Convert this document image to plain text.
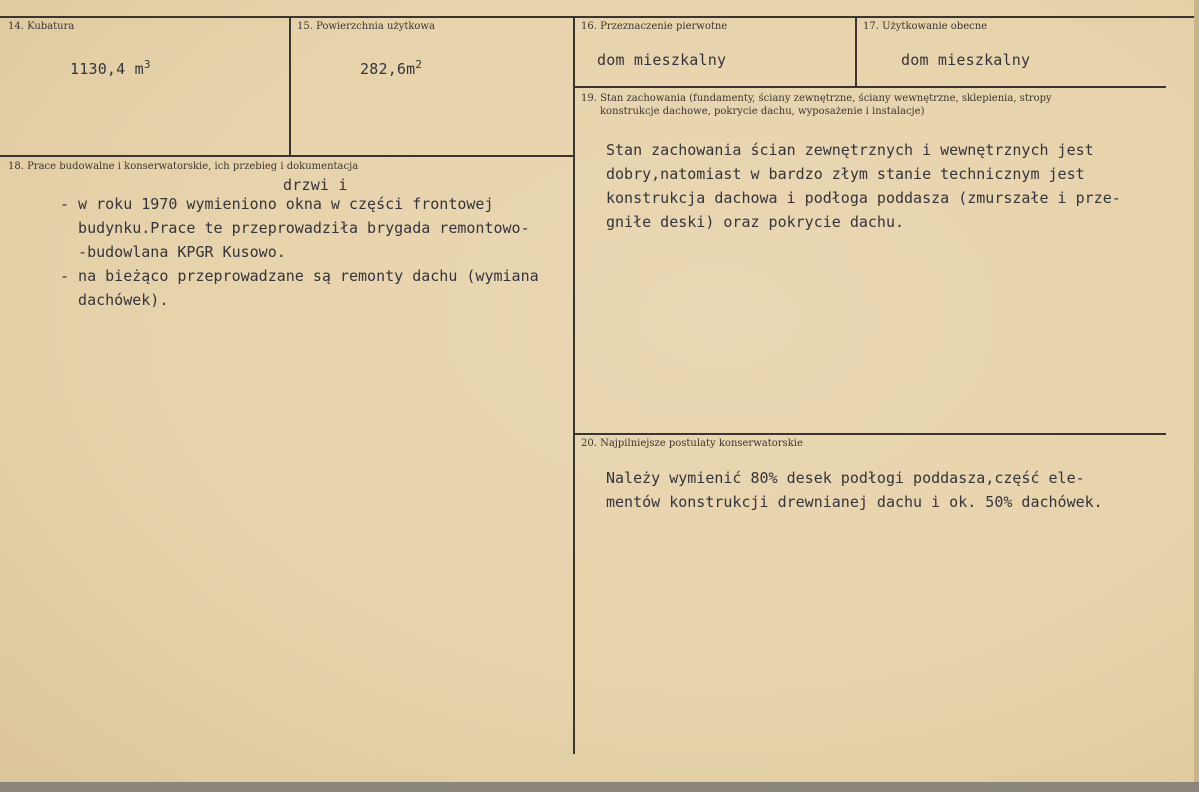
14. Kubatura
1130,4 $m^3$
15. Powierzchnia użytkowa
$282,6m^2$
16. Przeznaczenie pierwotne
dom mieszkalny
17. Użytkowanie obecne
dom mieszkalny
18. Prace budowalne i konserwatorskie, ich przebieg i dokumentacja
drzwi i
- w roku 1970 wymieniono okna w części frontowej
budynku.Prace te przeprowadziła brygada remontowo-
-budowlana KPGR Kusowo.
- na bieżąco przeprowadzane są remonty dachu (wymiana
dachówek).
19. Stan zachowania (fundamenty, ściany zewnętrzne, ściany wewnętrzne, sklepienia, stropy
konstrukcje dachowe, pokrycie dachu, wyposażenie i instalacje)
Stan zachowania ścian zewnętrznych i wewnętrznych jest
dobry,natomiast w bardzo złym stanie technicznym jest
konstrukcja dachowa i podłoga poddasza (zmurszałe i prze-
gniłe deski) oraz pokrycie dachu.
20. Najpilniejsze postulaty konserwatorskie
Należy wymienić 80% desek podłogi poddasza,część ele-
mentów konstrukcji drewnianej dachu i ok. 50% dachówek.
